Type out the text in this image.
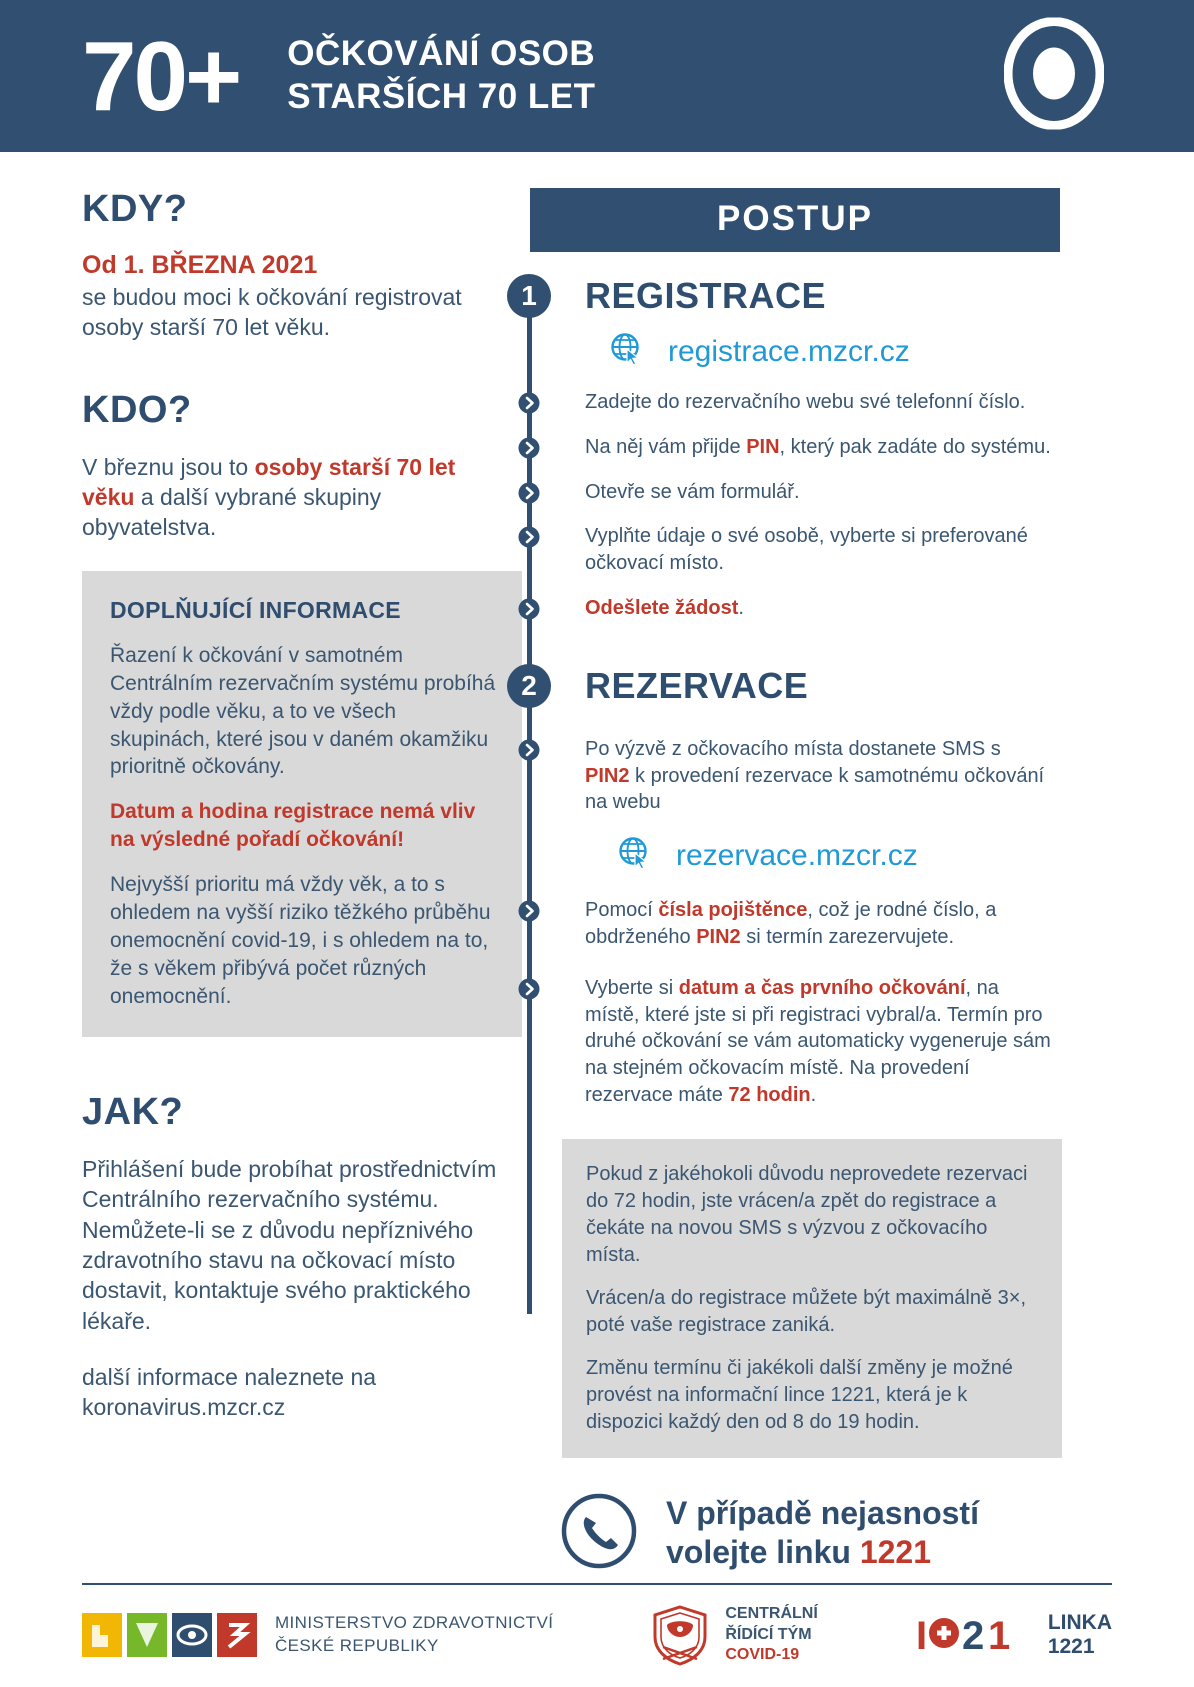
70+ OČKOVÁNÍ OSOB
STARŠÍCH 70 LET
KDY?
Od 1. BŘEZNA 2021

se budou moci k očkování registrovat osoby starší 70 let věku.

KDO?

V březnu jsou to osoby starší 70 let věku a další vybrané skupiny obyvatelstva.

DOPLŇUJÍCÍ INFORMACE

Řazení k očkování v samotném Centrálním rezervačním systému probíhá vždy podle věku, a to ve všech skupinách, které jsou v daném okamžiku prioritně očkovány.

Datum a hodina registrace nemá vliv na výsledné pořadí očkování!

Nejvyšší prioritu má vždy věk, a to s ohledem na vyšší riziko těžkého průběhu onemocnění covid-19, i s ohledem na to, že s věkem přibývá počet různých onemocnění.

JAK?

Přihlášení bude probíhat prostřednictvím Centrálního rezervačního systému. Nemůžete-li se z důvodu nepříznivého zdravotního stavu na očkovací místo dostavit, kontaktuje svého praktického lékaře.

další informace naleznete na

koronavirus.mzcr.cz

POSTUP
1	REGISTRACE
registrace.mzcr.cz
Zadejte do rezervačního webu své telefonní číslo.
Na něj vám přijde PIN, který pak zadáte do systému.
Otevře se vám formulář.
Vyplňte údaje o své osobě, vyberte si preferované očkovací místo.
Odešlete žádost.
2	REZERVACE
Po výzvě z očkovacího místa dostanete SMS s PIN2 k provedení rezervace k samotnému očkování na webu
rezervace.mzcr.cz
Pomocí čísla pojištěnce, což je rodné číslo, a obdrženého PIN2 si termín zarezervujete.
Vyberte si datum a čas prvního očkování, na místě, které jste si při registraci vybral/a. Termín pro druhé očkování se vám automaticky vygeneruje sám na stejném očkovacím místě. Na provedení rezervace máte 72 hodin.

Pokud z jakéhokoli důvodu neprovedete rezervaci do 72 hodin, jste vrácen/a zpět do registrace a čekáte na novou SMS s výzvou z očkovacího místa.

Vrácen/a do registrace můžete být maximálně 3×, poté vaše registrace zaniká.

Změnu termínu či jakékoli další změny je možné provést na informační lince 1221, která je k dispozici každý den od 8 do 19 hodin.

V případě nejasností
volejte linku 1221
MINISTERSTVO ZDRAVOTNICTVÍ
ČESKÉ REPUBLIKY
CENTRÁLNÍ
ŘÍDÍCÍ TÝM
COVID-19	I 2 1 LINKA
1221
